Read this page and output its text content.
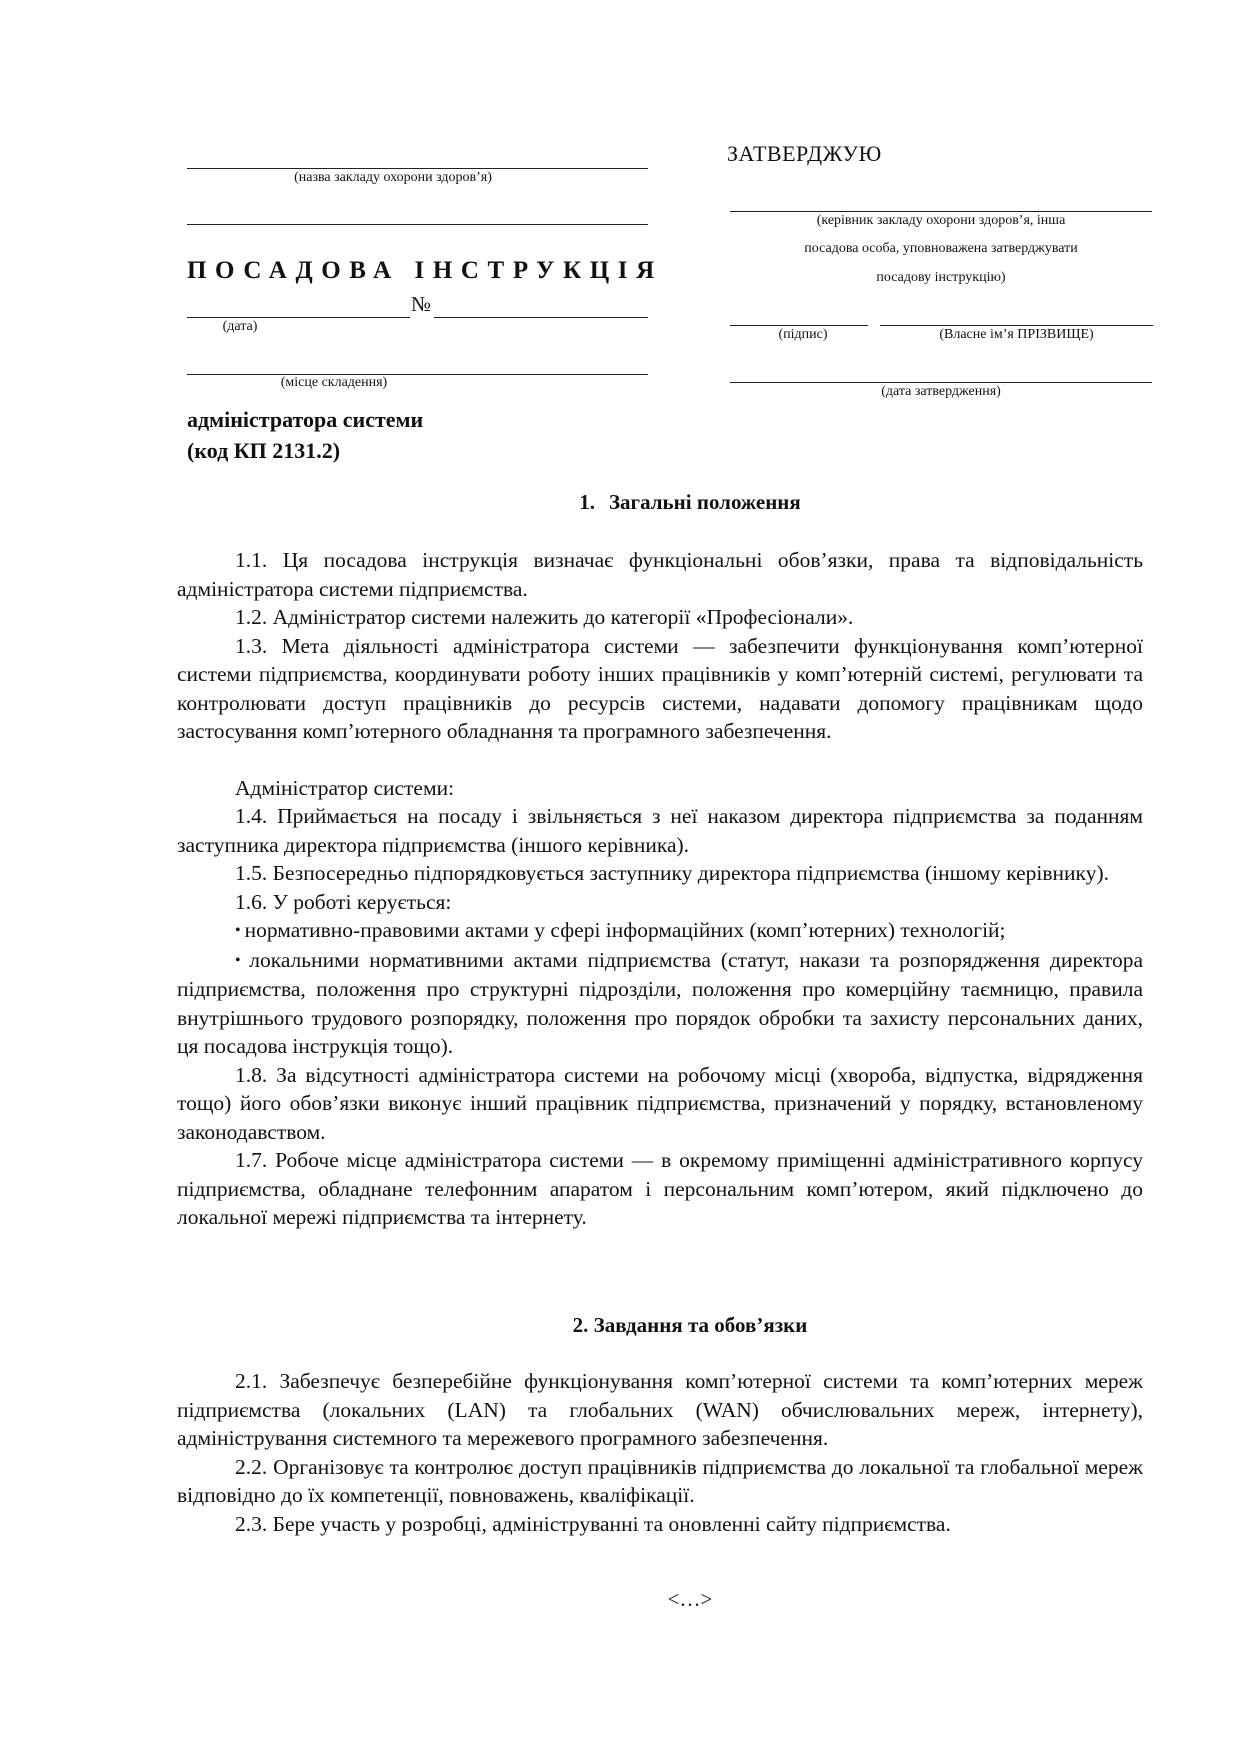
(назва закладу охорони здоров’я)
ПОСАДОВА ІНСТРУКЦІЯ
№
(дата)
(місце складення)
адміністратора системи
(код КП 2131.2)
ЗАТВЕРДЖУЮ
(керівник закладу охорони здоров’я, інша
посадова особа, уповноважена затверджувати
посадову інструкцію)
(підпис)	(Власне ім’я ПРІЗВИЩЕ)
(дата затвердження)
1. Загальні положення

1.1. Ця посадова інструкція визначає функціональні обов’язки, права та відповідальність адміністратора системи підприємства.

1.2. Адміністратор системи належить до категорії «Професіонали».

1.3. Мета діяльності адміністратора системи — забезпечити функціонування комп’ютерної системи підприємства, координувати роботу інших працівників у комп’ютерній системі, регулювати та контролювати доступ працівників до ресурсів системи, надавати допомогу працівникам щодо застосування комп’ютерного обладнання та програмного забезпечення.

Адміністратор системи:

1.4. Приймається на посаду і звільняється з неї наказом директора підприємства за поданням заступника директора підприємства (іншого керівника).

1.5. Безпосередньо підпорядковується заступнику директора підприємства (іншому керівнику).

1.6. У роботі керується:

• нормативно-правовими актами у сфері інформаційних (комп’ютерних) технологій;

• локальними нормативними актами підприємства (статут, накази та розпорядження директора підприємства, положення про структурні підрозділи, положення про комерційну таємницю, правила внутрішнього трудового розпорядку, положення про порядок обробки та захисту персональних даних, ця посадова інструкція тощо).

1.8. За відсутності адміністратора системи на робочому місці (хвороба, відпустка, відрядження тощо) його обов’язки виконує інший працівник підприємства, призначений у порядку, встановленому законодавством.

1.7. Робоче місце адміністратора системи — в окремому приміщенні адміністративного корпусу підприємства, обладнане телефонним апаратом і персональним комп’ютером, який підключено до локальної мережі підприємства та інтернету.

2. Завдання та обов’язки

2.1. Забезпечує безперебійне функціонування комп’ютерної системи та комп’ютерних мереж підприємства (локальних (LAN) та глобальних (WAN) обчислювальних мереж, інтернету), адміністрування системного та мережевого програмного забезпечення.

2.2. Організовує та контролює доступ працівників підприємства до локальної та глобальної мереж відповідно до їх компетенції, повноважень, кваліфікації.

2.3. Бере участь у розробці, адмініструванні та оновленні сайту підприємства.

<…>
